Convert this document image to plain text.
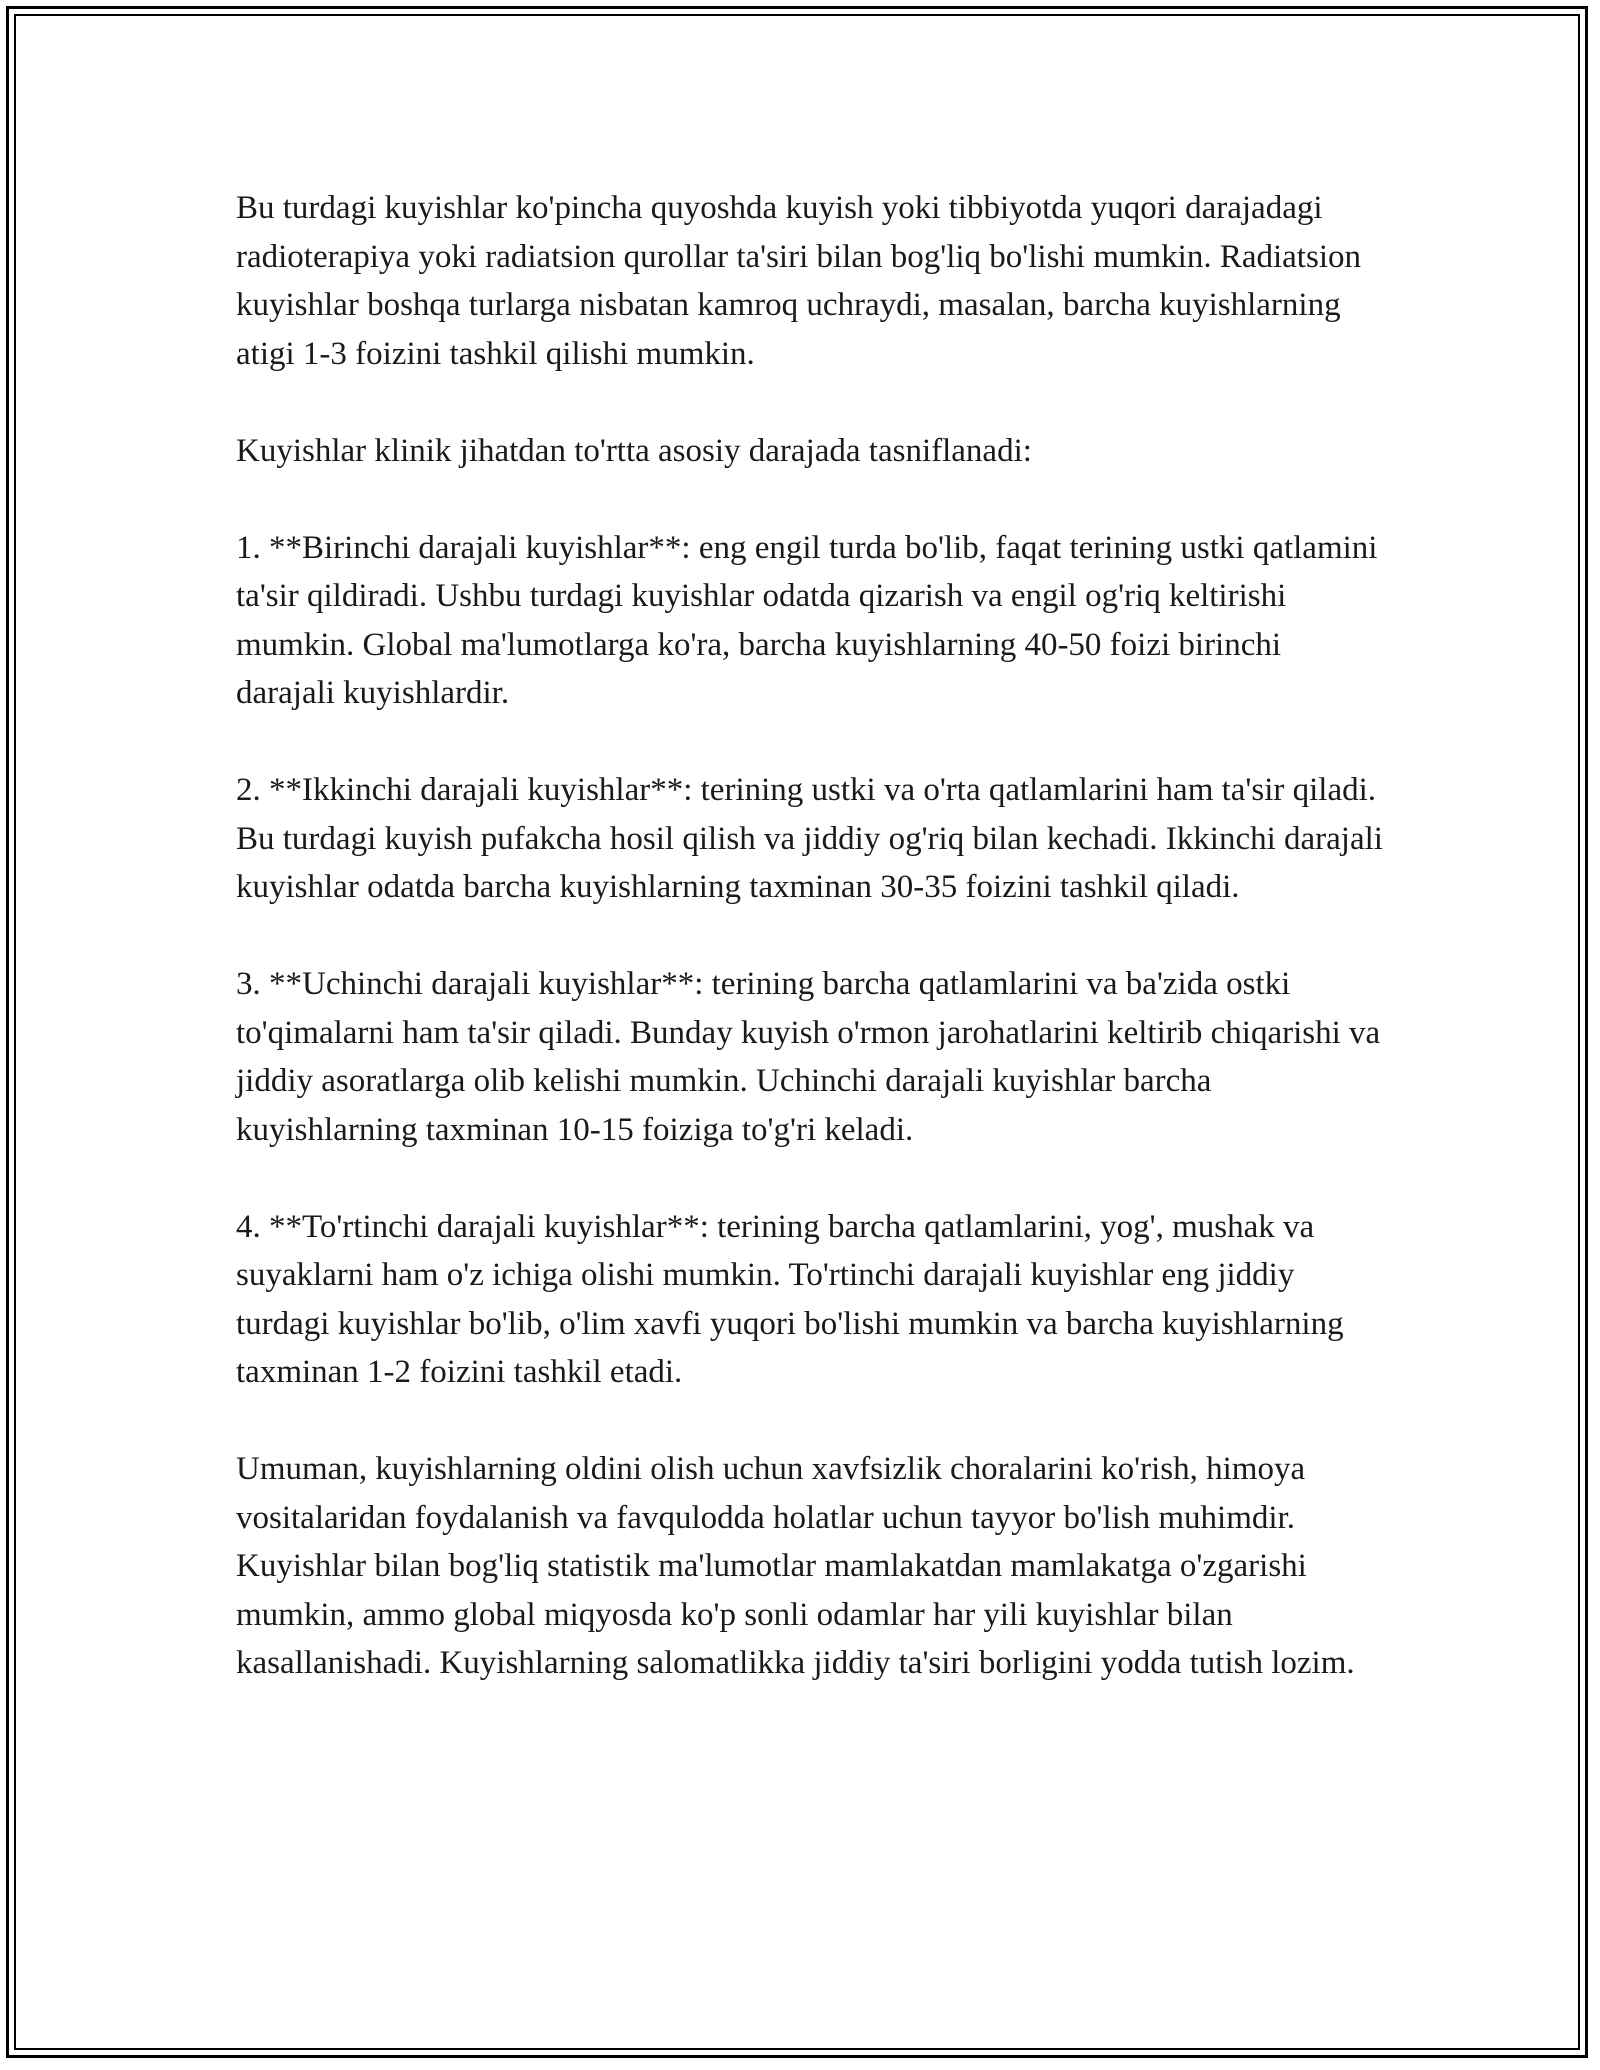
Bu turdagi kuyishlar ko'pincha quyoshda kuyish yoki tibbiyotda yuqori darajadagi radioterapiya yoki radiatsion qurollar ta'siri bilan bog'liq bo'lishi mumkin. Radiatsion kuyishlar boshqa turlarga nisbatan kamroq uchraydi, masalan, barcha kuyishlarning atigi 1-3 foizini tashkil qilishi mumkin.

Kuyishlar klinik jihatdan to'rtta asosiy darajada tasniflanadi:

1. **Birinchi darajali kuyishlar**: eng engil turda bo'lib, faqat terining ustki qatlamini ta'sir qildiradi. Ushbu turdagi kuyishlar odatda qizarish va engil og'riq keltirishi mumkin. Global ma'lumotlarga ko'ra, barcha kuyishlarning 40-50 foizi birinchi darajali kuyishlardir.

2. **Ikkinchi darajali kuyishlar**: terining ustki va o'rta qatlamlarini ham ta'sir qiladi. Bu turdagi kuyish pufakcha hosil qilish va jiddiy og'riq bilan kechadi. Ikkinchi darajali kuyishlar odatda barcha kuyishlarning taxminan 30-35 foizini tashkil qiladi.

3. **Uchinchi darajali kuyishlar**: terining barcha qatlamlarini va ba'zida ostki to'qimalarni ham ta'sir qiladi. Bunday kuyish o'rmon jarohatlarini keltirib chiqarishi va jiddiy asoratlarga olib kelishi mumkin. Uchinchi darajali kuyishlar barcha kuyishlarning taxminan 10-15 foiziga to'g'ri keladi.

4. **To'rtinchi darajali kuyishlar**: terining barcha qatlamlarini, yog', mushak va suyaklarni ham o'z ichiga olishi mumkin. To'rtinchi darajali kuyishlar eng jiddiy turdagi kuyishlar bo'lib, o'lim xavfi yuqori bo'lishi mumkin va barcha kuyishlarning taxminan 1-2 foizini tashkil etadi.

Umuman, kuyishlarning oldini olish uchun xavfsizlik choralarini ko'rish, himoya vositalaridan foydalanish va favqulodda holatlar uchun tayyor bo'lish muhimdir. Kuyishlar bilan bog'liq statistik ma'lumotlar mamlakatdan mamlakatga o'zgarishi mumkin, ammo global miqyosda ko'p sonli odamlar har yili kuyishlar bilan kasallanishadi. Kuyishlarning salomatlikka jiddiy ta'siri borligini yodda tutish lozim.
